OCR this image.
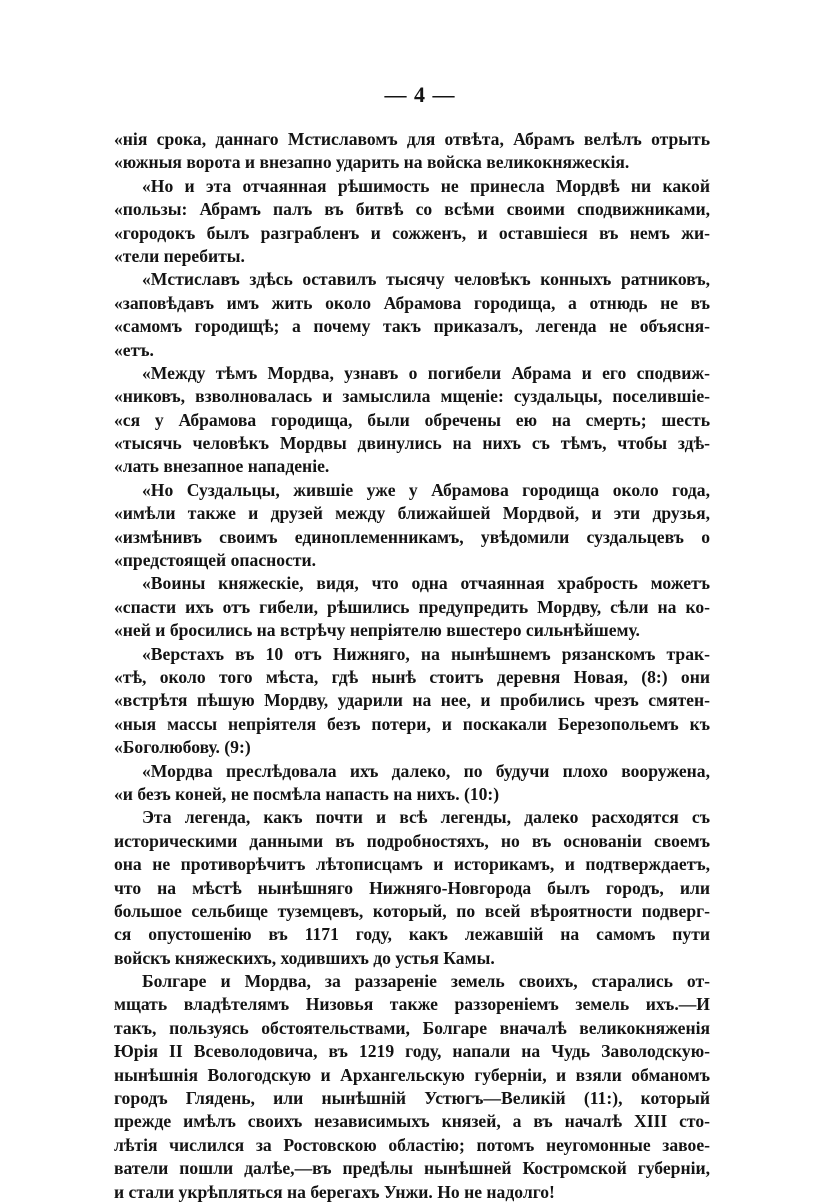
— 4 —
«нія срока, даннаго Мстиславомъ для отвѣта, Абрамъ велѣлъ отрыть
«южныя ворота и внезапно ударить на войска великокняжескія.
«Но и эта отчаянная рѣшимость не принесла Мордвѣ ни какой
«пользы: Абрамъ палъ въ битвѣ со всѣми своими сподвижниками,
«городокъ былъ разграбленъ и сожженъ, и оставшіеся въ немъ жи-
«тели перебиты.
«Мстиславъ здѣсь оставилъ тысячу человѣкъ конныхъ ратниковъ,
«заповѣдавъ имъ жить около Абрамова городища, а отнюдь не въ
«самомъ городищѣ; а почему такъ приказалъ, легенда не объясня-
«етъ.
«Между тѣмъ Мордва, узнавъ о погибели Абрама и его сподвиж-
«никовъ, взволновалась и замыслила мщеніе: суздальцы, поселившіе-
«ся у Абрамова городища, были обречены ею на смерть; шесть
«тысячь человѣкъ Мордвы двинулись на нихъ съ тѣмъ, чтобы здѣ-
«лать внезапное нападеніе.
«Но Суздальцы, жившіе уже у Абрамова городища около года,
«имѣли также и друзей между ближайшей Мордвой, и эти друзья,
«измѣнивъ своимъ единоплеменникамъ, увѣдомили суздальцевъ о
«предстоящей опасности.
«Воины княжескіе, видя, что одна отчаянная храбрость можетъ
«спасти ихъ отъ гибели, рѣшились предупредить Мордву, сѣли на ко-
«ней и бросились на встрѣчу непріятелю вшестеро сильнѣйшему.
«Верстахъ въ 10 отъ Нижняго, на нынѣшнемъ рязанскомъ трак-
«тѣ, около того мѣста, гдѣ нынѣ стоитъ деревня Новая, (8:) они
«встрѣтя пѣшую Мордву, ударили на нее, и пробились чрезъ смятен-
«ныя массы непріятеля безъ потери, и поскакали Березопольемъ къ
«Боголюбову. (9:)
«Мордва преслѣдовала ихъ далеко, по будучи плохо вооружена,
«и безъ коней, не посмѣла напасть на нихъ. (10:)
Эта легенда, какъ почти и всѣ легенды, далеко расходятся съ
историческими данными въ подробностяхъ, но въ основаніи своемъ
она не противорѣчитъ лѣтописцамъ и историкамъ, и подтверждаетъ,
что на мѣстѣ нынѣшняго Нижняго-Новгорода былъ городъ, или
большое сельбище туземцевъ, который, по всей вѣроятности подверг-
ся опустошенію въ 1171 году, какъ лежавшій на самомъ пути
войскъ княжескихъ, ходившихъ до устья Камы.
Болгаре и Мордва, за раззареніе земель своихъ, старались от-
мщать владѣтелямъ Низовья также раззореніемъ земель ихъ.—И
такъ, пользуясь обстоятельствами, Болгаре вначалѣ великокняженія
Юрія II Всеволодовича, въ 1219 году, напали на Чудь Заволодскую-
нынѣшнія Вологодскую и Архангельскую губерніи, и взяли обманомъ
городъ Глядень, или нынѣшній Устюгъ—Великій (11:), который
прежде имѣлъ своихъ независимыхъ князей, а въ началѣ XIII сто-
лѣтія числился за Ростовскою областію; потомъ неугомонные завое-
ватели пошли далѣе,—въ предѣлы нынѣшней Костромской губерніи,
и стали укрѣпляться на берегахъ Унжи. Но не надолго!
